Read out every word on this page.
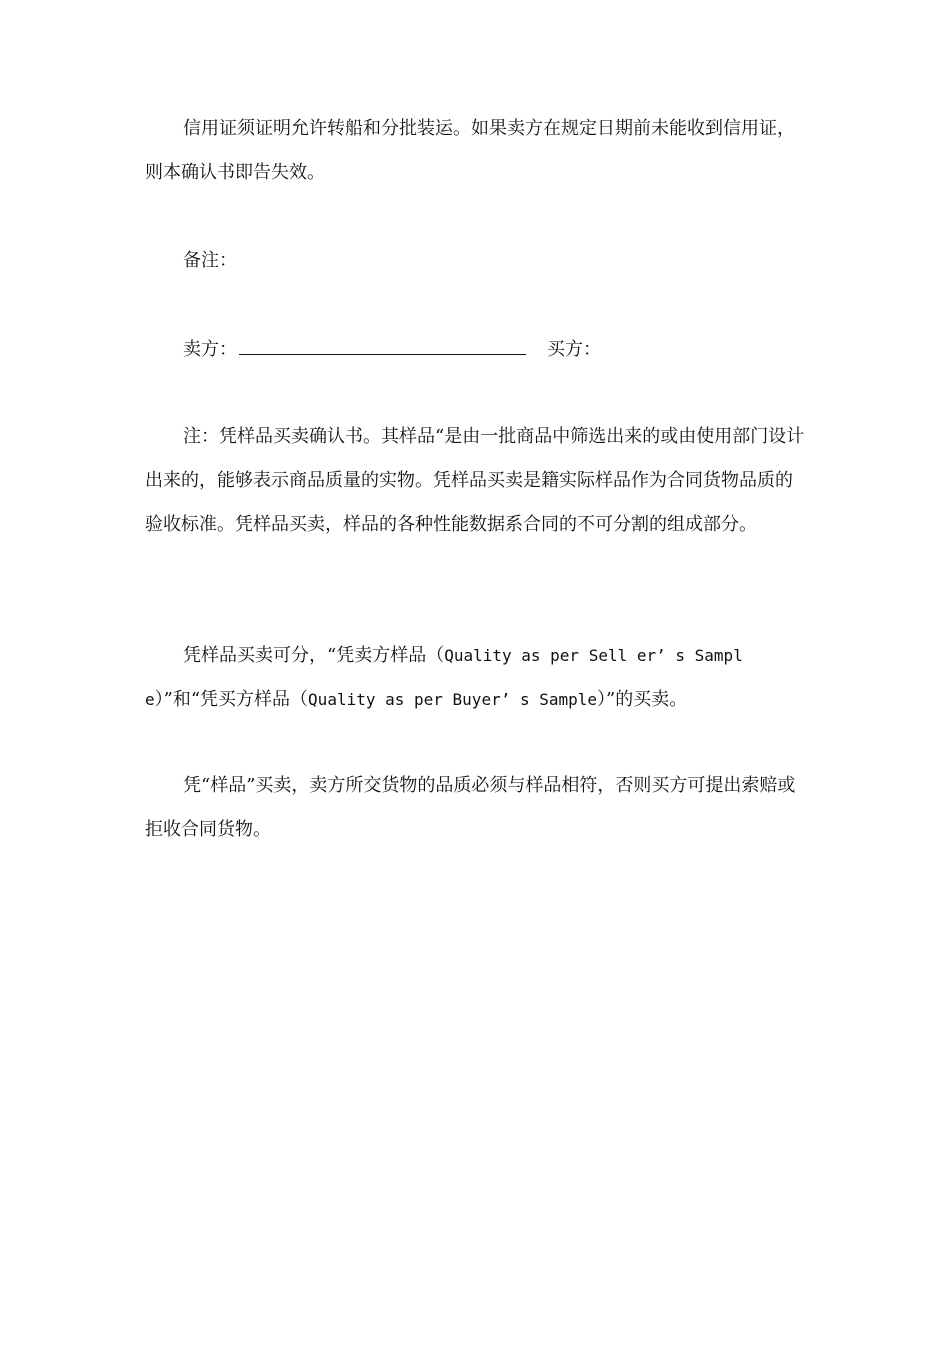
信用证须证明允许转船和分批装运。如果卖方在规定日期前未能收到信用证，则本确认书即告失效。

备注：

卖方：	买方：

注：凭样品买卖确认书。其样品“是由一批商品中筛选出来的或由使用部门设计出来的，能够表示商品质量的实物。凭样品买卖是籍实际样品作为合同货物品质的验收标准。凭样品买卖，样品的各种性能数据系合同的不可分割的组成部分。

凭样品买卖可分，“凭卖方样品（Quality as per Sell er’ s Sample）”和“凭买方样品（Quality as per Buyer’ s Sample）”的买卖。

凭“样品”买卖，卖方所交货物的品质必须与样品相符，否则买方可提出索赔或拒收合同货物。
